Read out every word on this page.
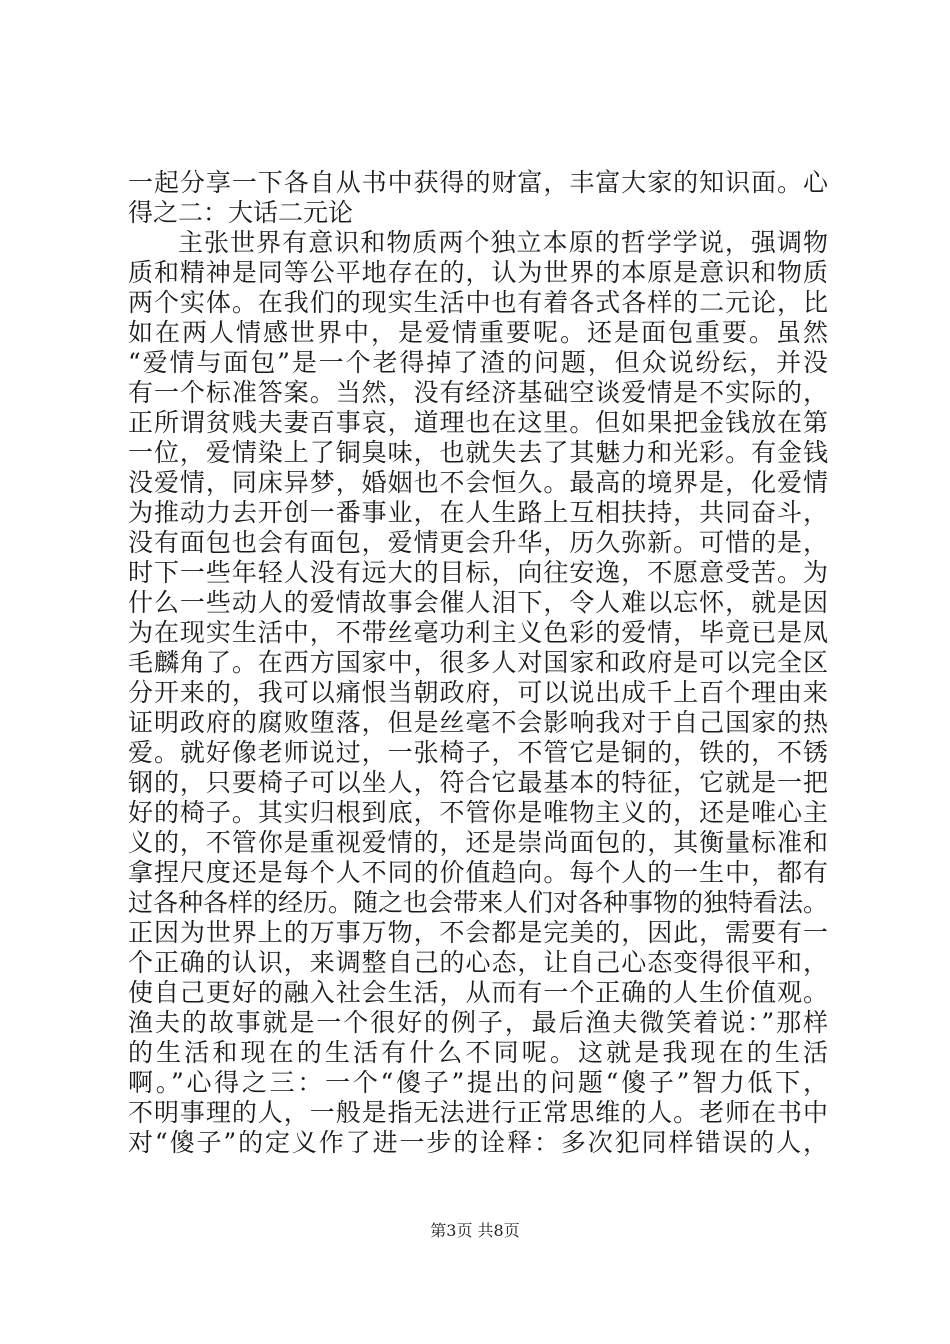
一起分享一下各自从书中获得的财富，丰富大家的知识面。心
得之二：大话二元论
主张世界有意识和物质两个独立本原的哲学学说，强调物
质和精神是同等公平地存在的，认为世界的本原是意识和物质
两个实体。在我们的现实生活中也有着各式各样的二元论，比
如在两人情感世界中，是爱情重要呢。还是面包重要。虽然
“爱情与面包”是一个老得掉了渣的问题，但众说纷纭，并没
有一个标准答案。当然，没有经济基础空谈爱情是不实际的，
正所谓贫贱夫妻百事哀，道理也在这里。但如果把金钱放在第
一位，爱情染上了铜臭味，也就失去了其魅力和光彩。有金钱
没爱情，同床异梦，婚姻也不会恒久。最高的境界是，化爱情
为推动力去开创一番事业，在人生路上互相扶持，共同奋斗，
没有面包也会有面包，爱情更会升华，历久弥新。可惜的是，
时下一些年轻人没有远大的目标，向往安逸，不愿意受苦。为
什么一些动人的爱情故事会催人泪下，令人难以忘怀，就是因
为在现实生活中，不带丝毫功利主义色彩的爱情，毕竟已是凤
毛麟角了。在西方国家中，很多人对国家和政府是可以完全区
分开来的，我可以痛恨当朝政府，可以说出成千上百个理由来
证明政府的腐败堕落，但是丝毫不会影响我对于自己国家的热
爱。就好像老师说过，一张椅子，不管它是铜的，铁的，不锈
钢的，只要椅子可以坐人，符合它最基本的特征，它就是一把
好的椅子。其实归根到底，不管你是唯物主义的，还是唯心主
义的，不管你是重视爱情的，还是崇尚面包的，其衡量标准和
拿捏尺度还是每个人不同的价值趋向。每个人的一生中，都有
过各种各样的经历。随之也会带来人们对各种事物的独特看法。
正因为世界上的万事万物，不会都是完美的，因此，需要有一
个正确的认识，来调整自己的心态，让自己心态变得很平和，
使自己更好的融入社会生活，从而有一个正确的人生价值观。
渔夫的故事就是一个很好的例子，最后渔夫微笑着说：”那样
的生活和现在的生活有什么不同呢。这就是我现在的生活
啊。”心得之三：一个“傻子”提出的问题“傻子”智力低下，
不明事理的人，一般是指无法进行正常思维的人。老师在书中
对“傻子”的定义作了进一步的诠释：多次犯同样错误的人，
第3页 共8页
